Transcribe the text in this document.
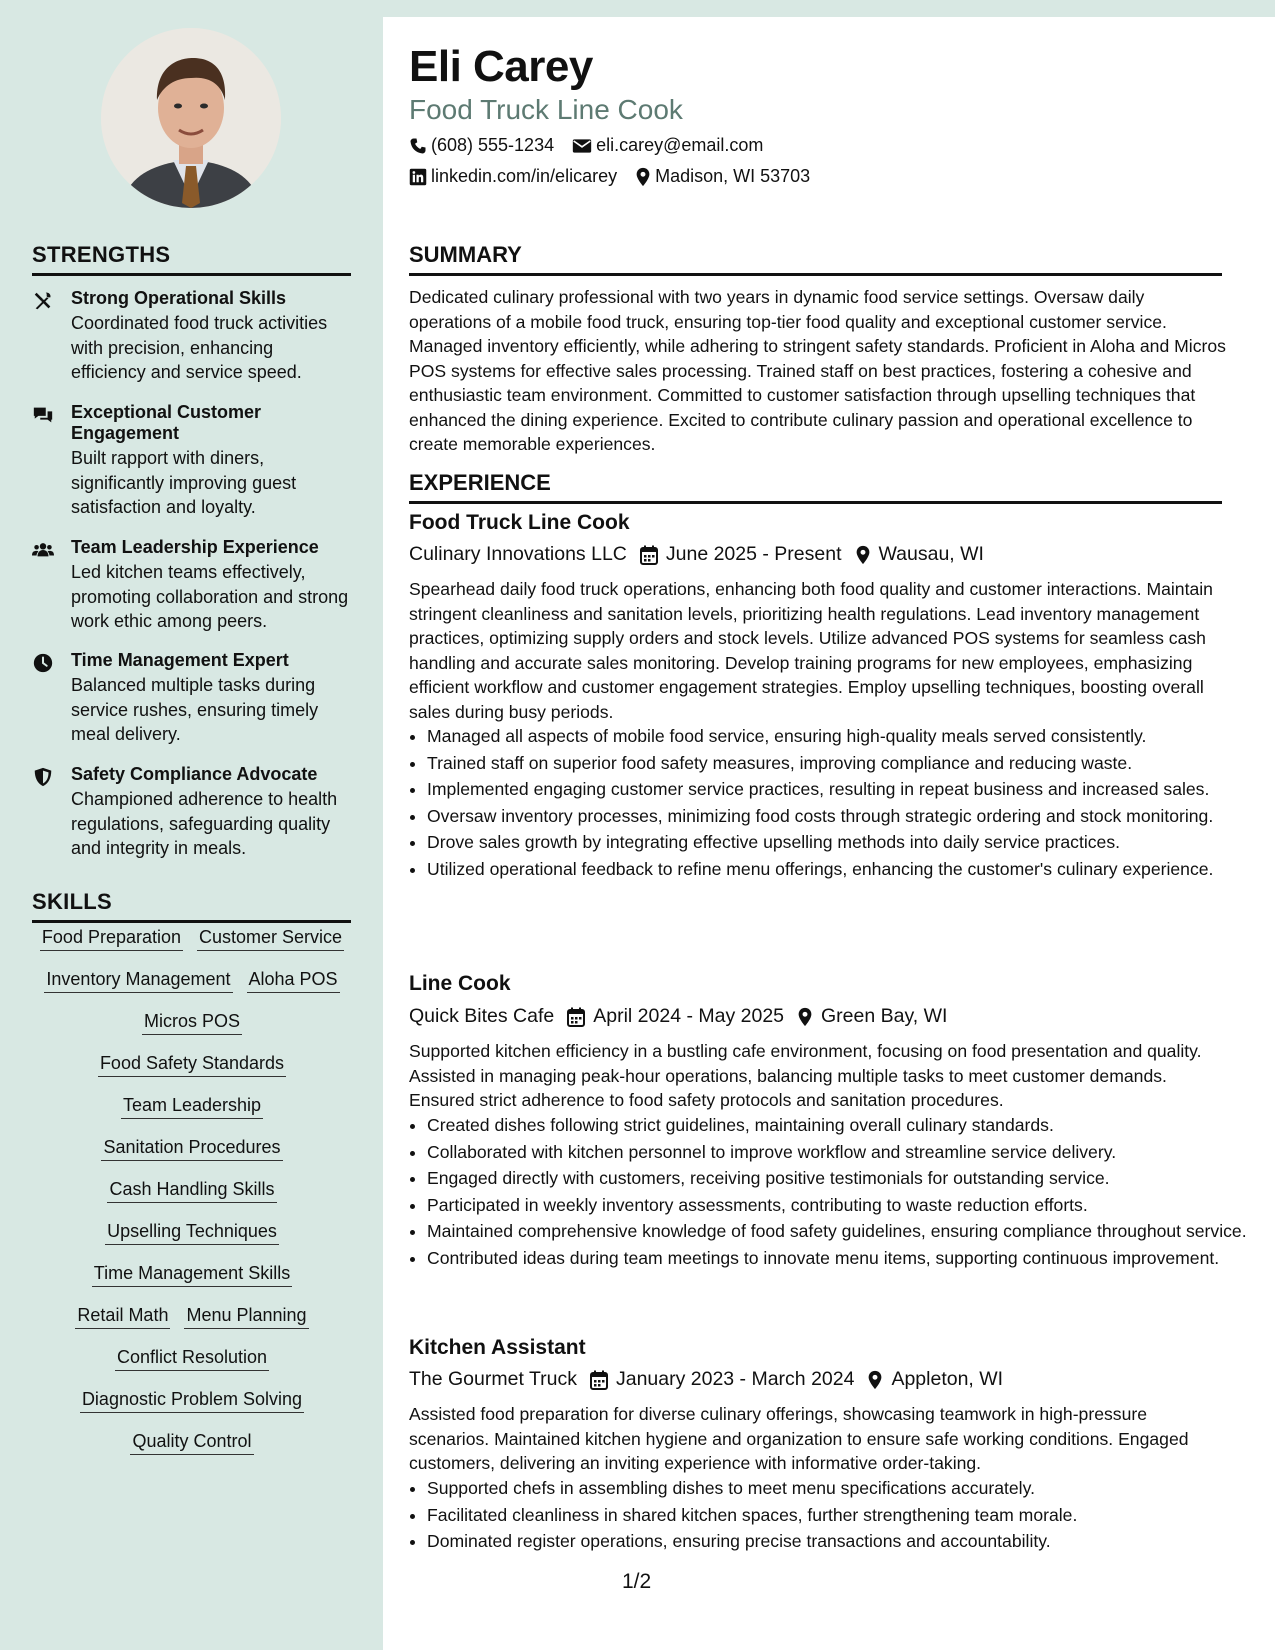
STRENGTHS
Strong Operational Skills
Coordinated food truck activities with precision, enhancing efficiency and service speed.
Exceptional Customer Engagement
Built rapport with diners, significantly improving guest satisfaction and loyalty.
Team Leadership Experience
Led kitchen teams effectively, promoting collaboration and strong work ethic among peers.
Time Management Expert
Balanced multiple tasks during service rushes, ensuring timely meal delivery.
Safety Compliance Advocate
Championed adherence to health regulations, safeguarding quality and integrity in meals.
SKILLS
Food Preparation Customer Service
Inventory Management Aloha POS
Micros POS
Food Safety Standards
Team Leadership
Sanitation Procedures
Cash Handling Skills
Upselling Techniques
Time Management Skills
Retail Math Menu Planning
Conflict Resolution
Diagnostic Problem Solving
Quality Control
Eli Carey
Food Truck Line Cook
(608) 555-1234 eli.carey@email.com
linkedin.com/in/elicarey Madison, WI 53703
SUMMARY
Dedicated culinary professional with two years in dynamic food service settings. Oversaw daily operations of a mobile food truck, ensuring top-tier food quality and exceptional customer service. Managed inventory efficiently, while adhering to stringent safety standards. Proficient in Aloha and Micros POS systems for effective sales processing. Trained staff on best practices, fostering a cohesive and enthusiastic team environment. Committed to customer satisfaction through upselling techniques that enhanced the dining experience. Excited to contribute culinary passion and operational excellence to create memorable experiences.
EXPERIENCE
Food Truck Line Cook
Culinary Innovations LLC June 2025 - Present Wausau, WI
Spearhead daily food truck operations, enhancing both food quality and customer interactions. Maintain stringent cleanliness and sanitation levels, prioritizing health regulations. Lead inventory management practices, optimizing supply orders and stock levels. Utilize advanced POS systems for seamless cash handling and accurate sales monitoring. Develop training programs for new employees, emphasizing efficient workflow and customer engagement strategies. Employ upselling techniques, boosting overall sales during busy periods.
• Managed all aspects of mobile food service, ensuring high-quality meals served consistently.
• Trained staff on superior food safety measures, improving compliance and reducing waste.
• Implemented engaging customer service practices, resulting in repeat business and increased sales.
• Oversaw inventory processes, minimizing food costs through strategic ordering and stock monitoring.
• Drove sales growth by integrating effective upselling methods into daily service practices.
• Utilized operational feedback to refine menu offerings, enhancing the customer's culinary experience.
Line Cook
Quick Bites Cafe April 2024 - May 2025 Green Bay, WI
Supported kitchen efficiency in a bustling cafe environment, focusing on food presentation and quality. Assisted in managing peak-hour operations, balancing multiple tasks to meet customer demands. Ensured strict adherence to food safety protocols and sanitation procedures.
• Created dishes following strict guidelines, maintaining overall culinary standards.
• Collaborated with kitchen personnel to improve workflow and streamline service delivery.
• Engaged directly with customers, receiving positive testimonials for outstanding service.
• Participated in weekly inventory assessments, contributing to waste reduction efforts.
• Maintained comprehensive knowledge of food safety guidelines, ensuring compliance throughout service.
• Contributed ideas during team meetings to innovate menu items, supporting continuous improvement.
Kitchen Assistant
The Gourmet Truck January 2023 - March 2024 Appleton, WI
Assisted food preparation for diverse culinary offerings, showcasing teamwork in high-pressure scenarios. Maintained kitchen hygiene and organization to ensure safe working conditions. Engaged customers, delivering an inviting experience with informative order-taking.
• Supported chefs in assembling dishes to meet menu specifications accurately.
• Facilitated cleanliness in shared kitchen spaces, further strengthening team morale.
• Dominated register operations, ensuring precise transactions and accountability.
1/2
